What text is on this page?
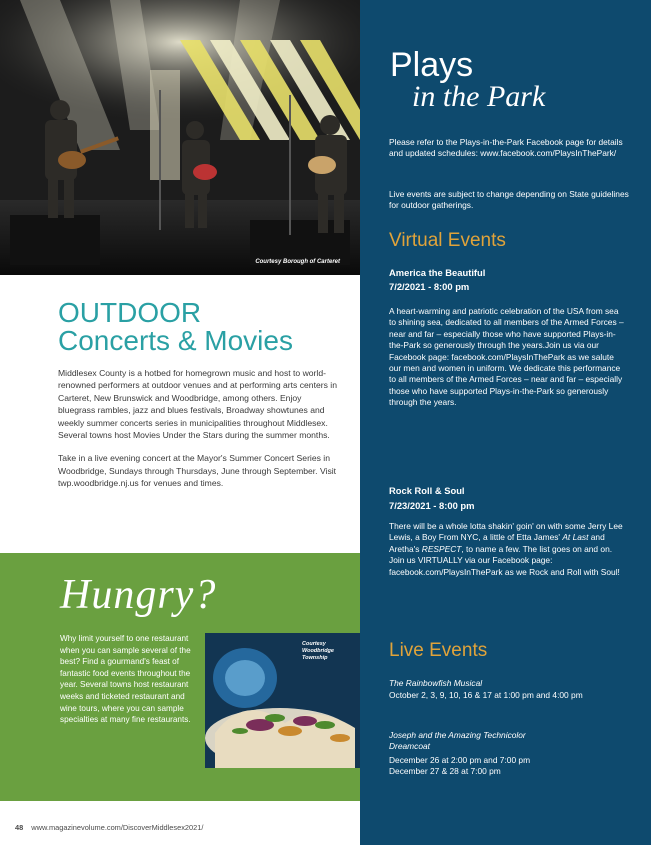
Courtesy Borough of Carteret
OUTDOOR
Concerts & Movies

Middlesex County is a hotbed for homegrown music and host to world-renowned performers at outdoor venues and at performing arts centers in Carteret, New Brunswick and Woodbridge, among others. Enjoy bluegrass rambles, jazz and blues festivals, Broadway showtunes and weekly summer concerts series in municipalities throughout Middlesex. Several towns host Movies Under the Stars during the summer months.

Take in a live evening concert at the Mayor's Summer Concert Series in Woodbridge, Sundays through Thursdays, June through September. Visit twp.woodbridge.nj.us for venues and times.

Hungry?

Why limit yourself to one restaurant when you can sample several of the best? Find a gourmand's feast of fantastic food events throughout the year. Several towns host restaurant weeks and ticketed restaurant and wine tours, where you can sample specialties at many fine restaurants.

Courtesy Woodbridge
Township
48 www.magazinevolume.com/DiscoverMiddlesex2021/
Plays
in the Park

Please refer to the Plays-in-the-Park Facebook page for details and updated schedules: www.facebook.com/PlaysInThePark/

Live events are subject to change depending on State guidelines for outdoor gatherings.

Virtual Events

America the Beautiful

7/2/2021 - 8:00 pm

A heart-warming and patriotic celebration of the USA from sea to shining sea, dedicated to all members of the Armed Forces – near and far – especially those who have supported Plays-in-the-Park so generously through the years.Join us via our Facebook page: facebook.com/PlaysInThePark as we salute our men and women in uniform. We dedicate this performance to all members of the Armed Forces – near and far – especially those who have supported Plays-in-the-Park so generously through the years.

Rock Roll & Soul

7/23/2021 - 8:00 pm

There will be a whole lotta shakin' goin' on with some Jerry Lee Lewis, a Boy From NYC, a little of Etta James' At Last and Aretha's RESPECT, to name a few. The list goes on and on. Join us VIRTUALLY via our Facebook page: facebook.com/PlaysInThePark as we Rock and Roll with Soul!

Live Events

The Rainbowfish Musical

October 2, 3, 9, 10, 16 & 17 at 1:00 pm and 4:00 pm

Joseph and the Amazing Technicolor
Dreamcoat

December 26 at 2:00 pm and 7:00 pm
December 27 & 28 at 7:00 pm
